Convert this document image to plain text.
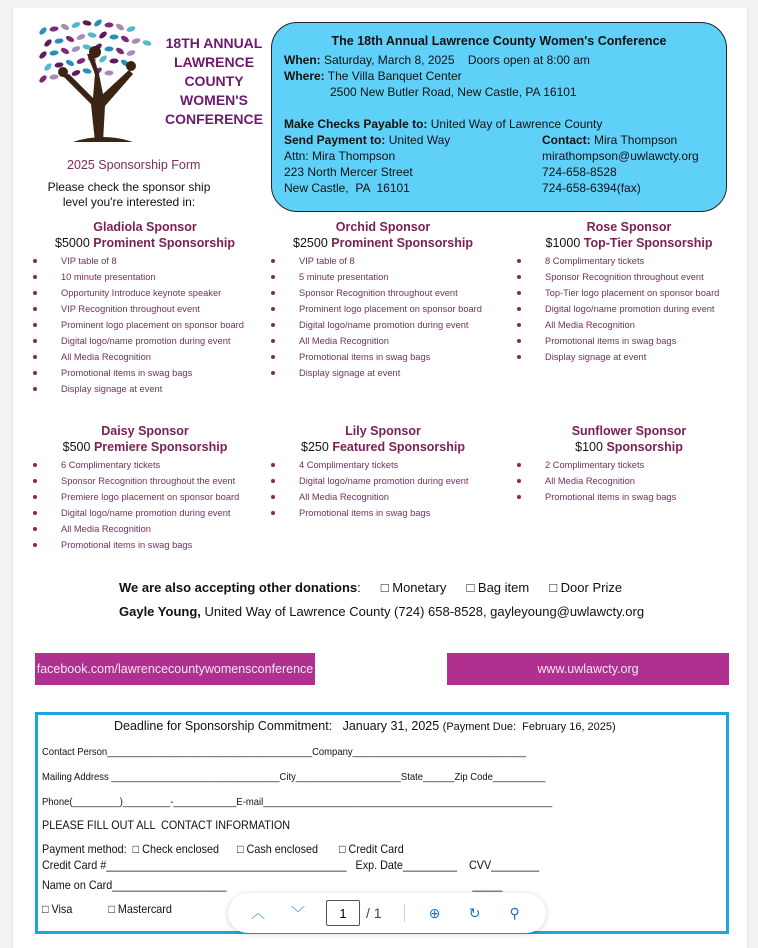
18TH ANNUAL
LAWRENCE
COUNTY
WOMEN'S
CONFERENCE
2025 Sponsorship Form
Please check the sponsor ship level you're interested in:
The 18th Annual Lawrence County Women's Conference
When: Saturday, March 8, 2025    Doors open at 8:00 am
Where: The Villa Banquet Center
2500 New Butler Road, New Castle, PA 16101
Make Checks Payable to: United Way of Lawrence County
Send Payment to: United Way
Attn: Mira Thompson
223 North Mercer Street
New Castle,  PA  16101
Contact: Mira Thompson
mirathompson@uwlawcty.org
724-658-8528
724-658-6394(fax)
Gladiola Sponsor
$5000 Prominent Sponsorship
VIP table of 8
10 minute presentation
Opportunity Introduce keynote speaker
VIP Recognition throughout event
Prominent logo placement on sponsor board
Digital logo/name promotion during event
All Media Recognition
Promotional items in swag bags
Display signage at event
Orchid Sponsor
$2500 Prominent Sponsorship
VIP table of 8
5 minute presentation
Sponsor Recognition throughout event
Prominent logo placement on sponsor board
Digital logo/name promotion during event
All Media Recognition
Promotional items in swag bags
Display signage at event
Rose Sponsor
$1000 Top-Tier Sponsorship
8 Complimentary tickets
Sponsor Recognition throughout event
Top-Tier logo placement on sponsor board
Digital logo/name promotion during event
All Media Recognition
Promotional items in swag bags
Display signage at event
Daisy Sponsor
$500 Premiere Sponsorship
6 Complimentary tickets
Sponsor Recognition throughout the event
Premiere logo placement on sponsor board
Digital logo/name promotion during event
All Media Recognition
Promotional items in swag bags
Lily Sponsor
$250 Featured Sponsorship
4 Complimentary tickets
Digital logo/name promotion during event
All Media Recognition
Promotional items in swag bags
Sunflower Sponsor
$100 Sponsorship
2 Complimentary tickets
All Media Recognition
Promotional items in swag bags
We are also accepting other donations: □ Monetary □ Bag item □ Door Prize
Gayle Young, United Way of Lawrence County (724) 658-8528, gayleyoung@uwlawcty.org
facebook.com/lawrencecountywomensconference	www.uwlawcty.org
Deadline for Sponsorship Commitment:   January 31, 2025 (Payment Due:  February 16, 2025)
Contact Person_______________________________________Company_________________________________
Mailing Address ________________________________City____________________State______Zip Code__________
Phone(_________)_________-____________E-mail_______________________________________________________
PLEASE FILL OUT ALL  CONTACT INFORMATION
Payment method:  □ Check enclosed      □ Cash enclosed       □ Credit Card
Credit Card #________________________________________   Exp. Date_________    CVV________
Name on Card___________________                                                                                  _____
□ Visa            □ Mastercard	︿	﹀
1	/ 1	⊕	↻	⚲
